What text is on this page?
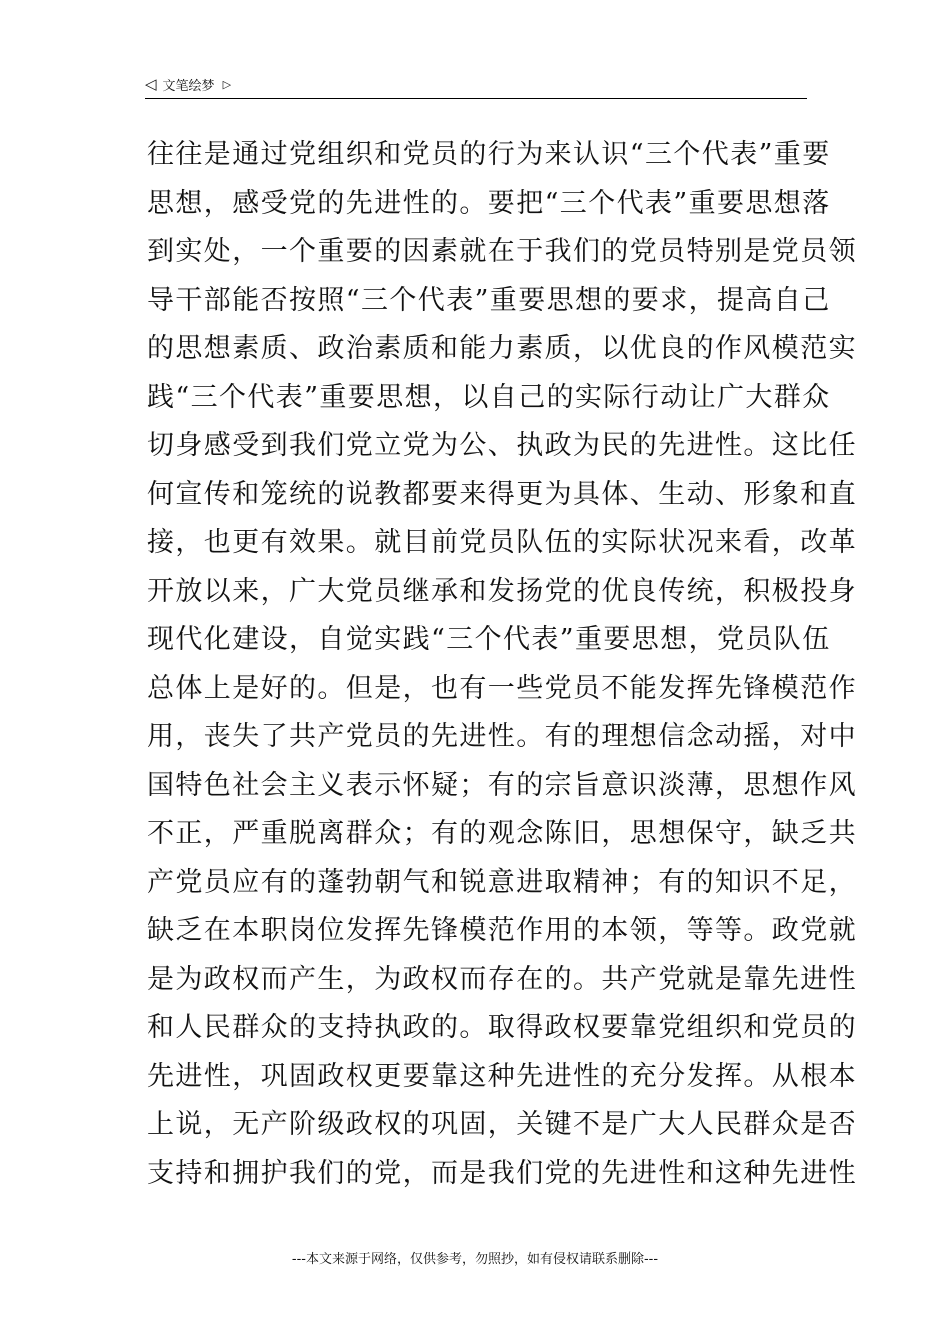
◁ 文笔绘梦 ▷
往往是通过党组织和党员的行为来认识“三个代表”重要
思想，感受党的先进性的。要把“三个代表”重要思想落
到实处，一个重要的因素就在于我们的党员特别是党员领
导干部能否按照“三个代表”重要思想的要求，提高自己
的思想素质、政治素质和能力素质，以优良的作风模范实
践“三个代表”重要思想，以自己的实际行动让广大群众
切身感受到我们党立党为公、执政为民的先进性。这比任
何宣传和笼统的说教都要来得更为具体、生动、形象和直
接，也更有效果。就目前党员队伍的实际状况来看，改革
开放以来，广大党员继承和发扬党的优良传统，积极投身
现代化建设，自觉实践“三个代表”重要思想，党员队伍
总体上是好的。但是，也有一些党员不能发挥先锋模范作
用，丧失了共产党员的先进性。有的理想信念动摇，对中
国特色社会主义表示怀疑；有的宗旨意识淡薄，思想作风
不正，严重脱离群众；有的观念陈旧，思想保守，缺乏共
产党员应有的蓬勃朝气和锐意进取精神；有的知识不足，
缺乏在本职岗位发挥先锋模范作用的本领，等等。政党就
是为政权而产生，为政权而存在的。共产党就是靠先进性
和人民群众的支持执政的。取得政权要靠党组织和党员的
先进性，巩固政权更要靠这种先进性的充分发挥。从根本
上说，无产阶级政权的巩固，关键不是广大人民群众是否
支持和拥护我们的党，而是我们党的先进性和这种先进性
---本文来源于网络，仅供参考，勿照抄，如有侵权请联系删除---
